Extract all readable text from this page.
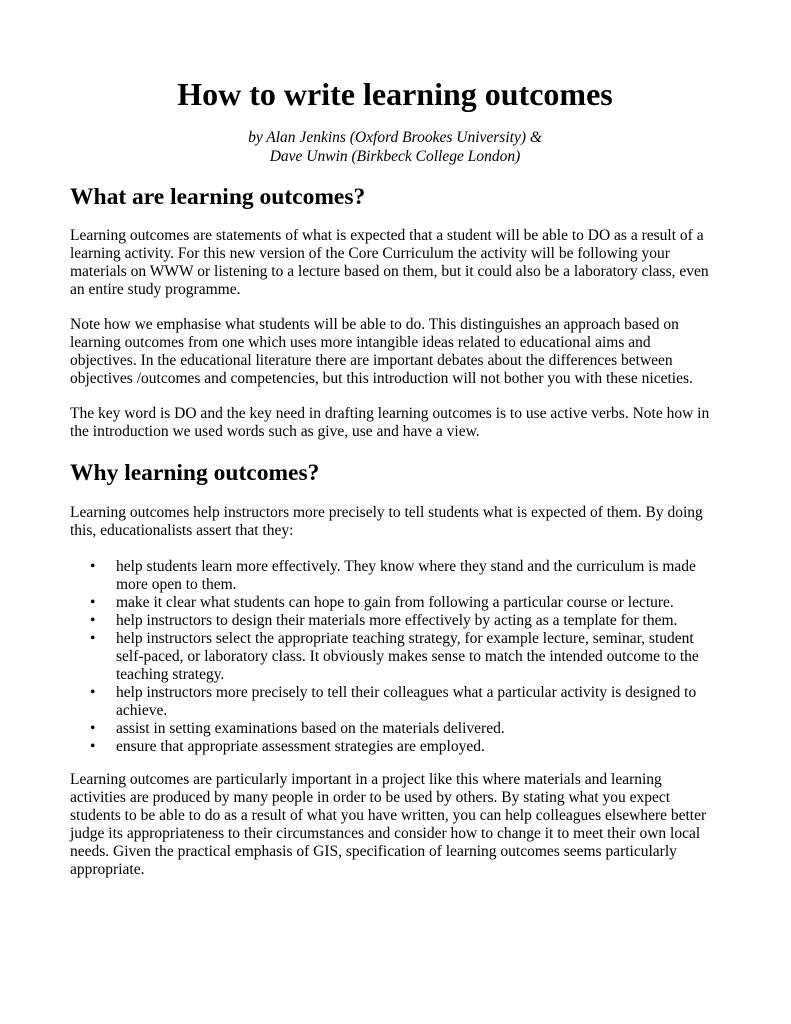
How to write learning outcomes
by Alan Jenkins (Oxford Brookes University) &
Dave Unwin (Birkbeck College London)
What are learning outcomes?

Learning outcomes are statements of what is expected that a student will be able to DO as a result of a learning activity. For this new version of the Core Curriculum the activity will be following your materials on WWW or listening to a lecture based on them, but it could also be a laboratory class, even an entire study programme.

Note how we emphasise what students will be able to do. This distinguishes an approach based on learning outcomes from one which uses more intangible ideas related to educational aims and objectives. In the educational literature there are important debates about the differences between objectives /outcomes and competencies, but this introduction will not bother you with these niceties.

The key word is DO and the key need in drafting learning outcomes is to use active verbs. Note how in the introduction we used words such as give, use and have a view.

Why learning outcomes?

Learning outcomes help instructors more precisely to tell students what is expected of them. By doing this, educationalists assert that they:

• help students learn more effectively. They know where they stand and the curriculum is made more open to them.
• make it clear what students can hope to gain from following a particular course or lecture.
• help instructors to design their materials more effectively by acting as a template for them.
• help instructors select the appropriate teaching strategy, for example lecture, seminar, student self-paced, or laboratory class. It obviously makes sense to match the intended outcome to the teaching strategy.
• help instructors more precisely to tell their colleagues what a particular activity is designed to achieve.
• assist in setting examinations based on the materials delivered.
• ensure that appropriate assessment strategies are employed.

Learning outcomes are particularly important in a project like this where materials and learning activities are produced by many people in order to be used by others. By stating what you expect students to be able to do as a result of what you have written, you can help colleagues elsewhere better judge its appropriateness to their circumstances and consider how to change it to meet their own local needs. Given the practical emphasis of GIS, specification of learning outcomes seems particularly appropriate.
